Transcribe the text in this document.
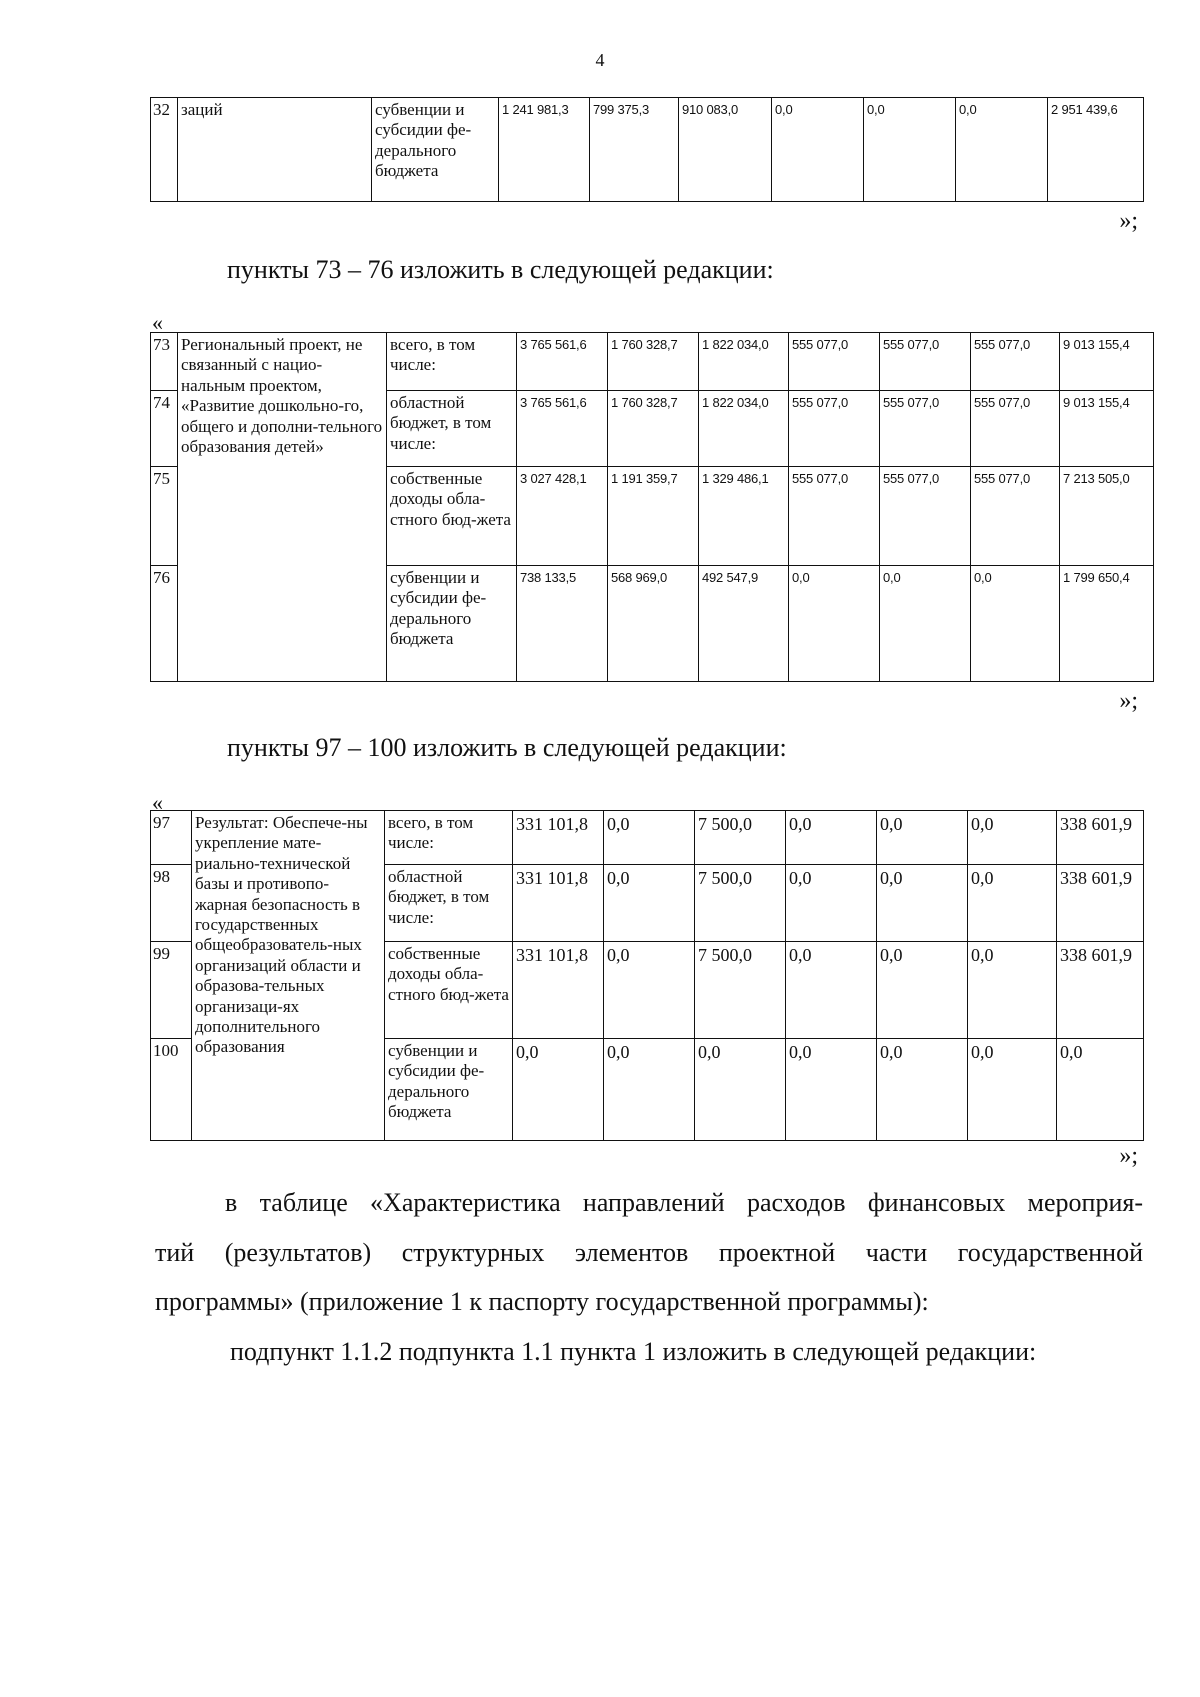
4
32	заций	субвенции и субсидии фе-дерального бюджета	1 241 981,3	799 375,3	910 083,0	0,0	0,0	0,0	2 951 439,6
»;

пункты 73 – 76 изложить в следующей редакции:

«
73	Региональный проект, не связанный с нацио-нальным проектом, «Развитие дошкольно-го, общего и дополни-тельного образования детей»	всего, в том числе:	3 765 561,6	1 760 328,7	1 822 034,0	555 077,0	555 077,0	555 077,0	9 013 155,4
74		областной бюджет, в том числе:	3 765 561,6	1 760 328,7	1 822 034,0	555 077,0	555 077,0	555 077,0	9 013 155,4
75		собственные доходы обла-стного бюд-жета	3 027 428,1	1 191 359,7	1 329 486,1	555 077,0	555 077,0	555 077,0	7 213 505,0
76		субвенции и субсидии фе-дерального бюджета	738 133,5	568 969,0	492 547,9	0,0	0,0	0,0	1 799 650,4
»;

пункты 97 – 100 изложить в следующей редакции:

«
97	Результат: Обеспече-ны укрепление мате-риально-технической базы и противопо-жарная безопасность в государственных общеобразователь-ных организаций области и образова-тельных организаци-ях дополнительного образования	всего, в том числе:	331 101,8	0,0	7 500,0	0,0	0,0	0,0	338 601,9
98		областной бюджет, в том числе:	331 101,8	0,0	7 500,0	0,0	0,0	0,0	338 601,9
99		собственные доходы обла-стного бюд-жета	331 101,8	0,0	7 500,0	0,0	0,0	0,0	338 601,9
100		субвенции и субсидии фе-дерального бюджета	0,0	0,0	0,0	0,0	0,0	0,0	0,0
»;

в таблице «Характеристика направлений расходов финансовых мероприя-

тий (результатов) структурных элементов проектной части государственной

программы» (приложение 1 к паспорту государственной программы):

подпункт 1.1.2 подпункта 1.1 пункта 1 изложить в следующей редакции:
